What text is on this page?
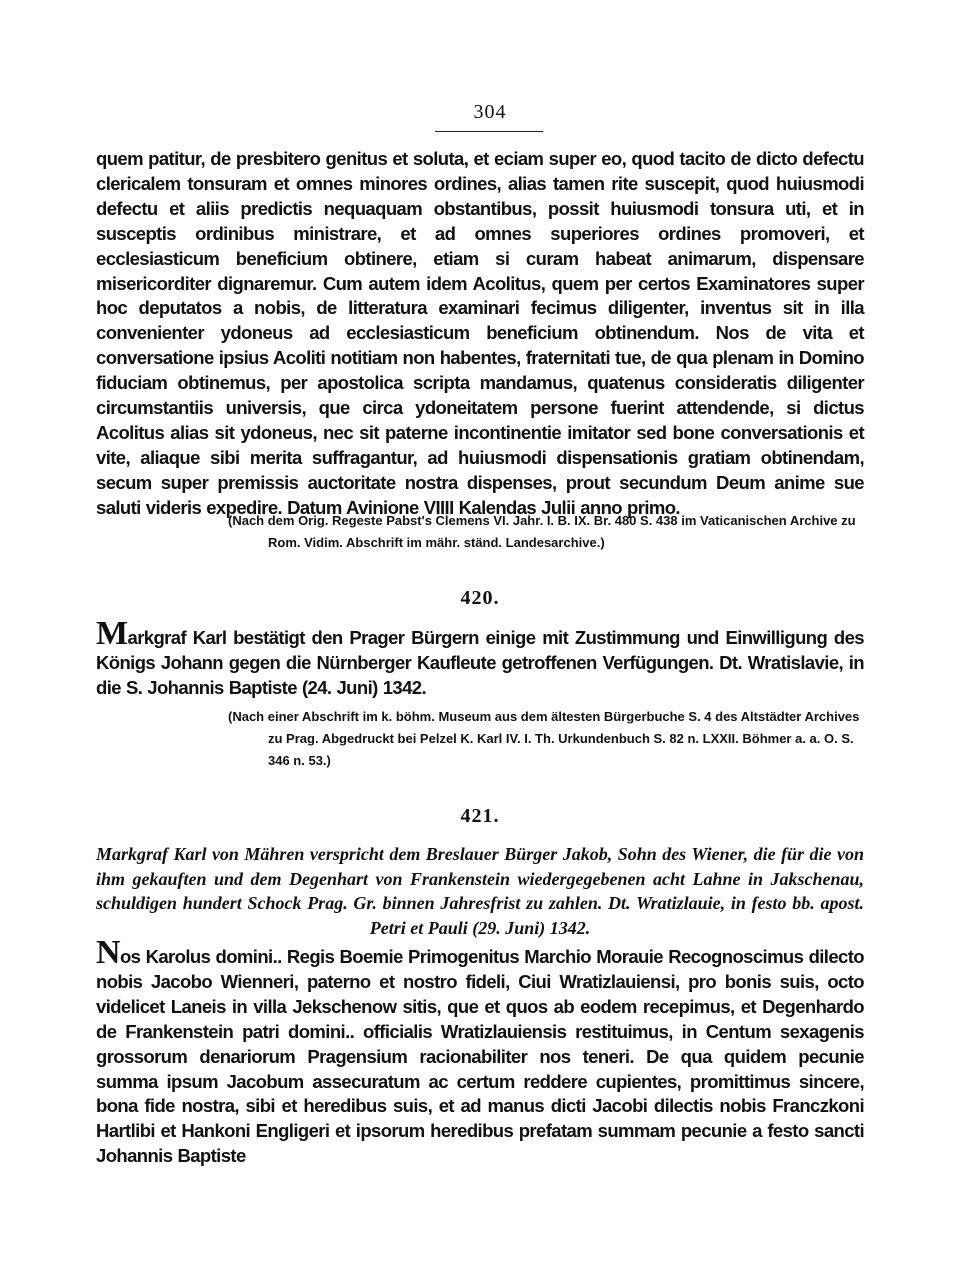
304

quem patitur, de presbitero genitus et soluta, et eciam super eo, quod tacito de dicto defectu clericalem tonsuram et omnes minores ordines, alias tamen rite suscepit, quod huiusmodi defectu et aliis predictis nequaquam obstantibus, possit huiusmodi tonsura uti, et in susceptis ordinibus ministrare, et ad omnes superiores ordines promoveri, et ecclesiasticum beneficium obtinere, etiam si curam habeat animarum, dispensare misericorditer dignaremur. Cum autem idem Acolitus, quem per certos Examinatores super hoc deputatos a nobis, de litteratura examinari fecimus diligenter, inventus sit in illa convenienter ydoneus ad ecclesiasticum beneficium obtinendum. Nos de vita et conversatione ipsius Acoliti notitiam non habentes, fraternitati tue, de qua plenam in Domino fiduciam obtinemus, per apostolica scripta mandamus, quatenus consideratis diligenter circumstantiis universis, que circa ydoneitatem persone fuerint attendende, si dictus Acolitus alias sit ydoneus, nec sit paterne incontinentie imitator sed bone conversationis et vite, aliaque sibi merita suffragantur, ad huiusmodi dispensationis gratiam obtinendam, secum super premissis auctoritate nostra dispenses, prout secundum Deum anime sue saluti videris expedire. Datum Avinione VIIII Kalendas Julii anno primo.

(Nach dem Orig. Regeste Pabst's Clemens VI. Jahr. I. B. IX. Br. 480 S. 438 im Vaticanischen Archive zu Rom. Vidim. Abschrift im mähr. ständ. Landesarchive.)
420.
Markgraf Karl bestätigt den Prager Bürgern einige mit Zustimmung und Einwilligung des Königs Johann gegen die Nürnberger Kaufleute getroffenen Verfügungen. Dt. Wratislavie, in die S. Johannis Baptiste (24. Juni) 1342.
(Nach einer Abschrift im k. böhm. Museum aus dem ältesten Bürgerbuche S. 4 des Altstädter Archives zu Prag. Abgedruckt bei Pelzel K. Karl IV. I. Th. Urkundenbuch S. 82 n. LXXII. Böhmer a. a. O. S. 346 n. 53.)
421.
Markgraf Karl von Mähren verspricht dem Breslauer Bürger Jakob, Sohn des Wiener, die für die von ihm gekauften und dem Degenhart von Frankenstein wiedergegebenen acht Lahne in Jakschenau, schuldigen hundert Schock Prag. Gr. binnen Jahresfrist zu zahlen. Dt. Wratizlauie, in festo bb. apost. Petri et Pauli (29. Juni) 1342.

Nos Karolus domini.. Regis Boemie Primogenitus Marchio Morauie Recognoscimus dilecto nobis Jacobo Wienneri, paterno et nostro fideli, Ciui Wratizlauiensi, pro bonis suis, octo videlicet Laneis in villa Jekschenow sitis, que et quos ab eodem recepimus, et Degenhardo de Frankenstein patri domini.. officialis Wratizlauiensis restituimus, in Centum sexagenis grossorum denariorum Pragensium racionabiliter nos teneri. De qua quidem pecunie summa ipsum Jacobum assecuratum ac certum reddere cupientes, promittimus sincere, bona fide nostra, sibi et heredibus suis, et ad manus dicti Jacobi dilectis nobis Franczkoni Hartlibi et Hankoni Engligeri et ipsorum heredibus prefatam summam pecunie a festo sancti Johannis Baptiste
